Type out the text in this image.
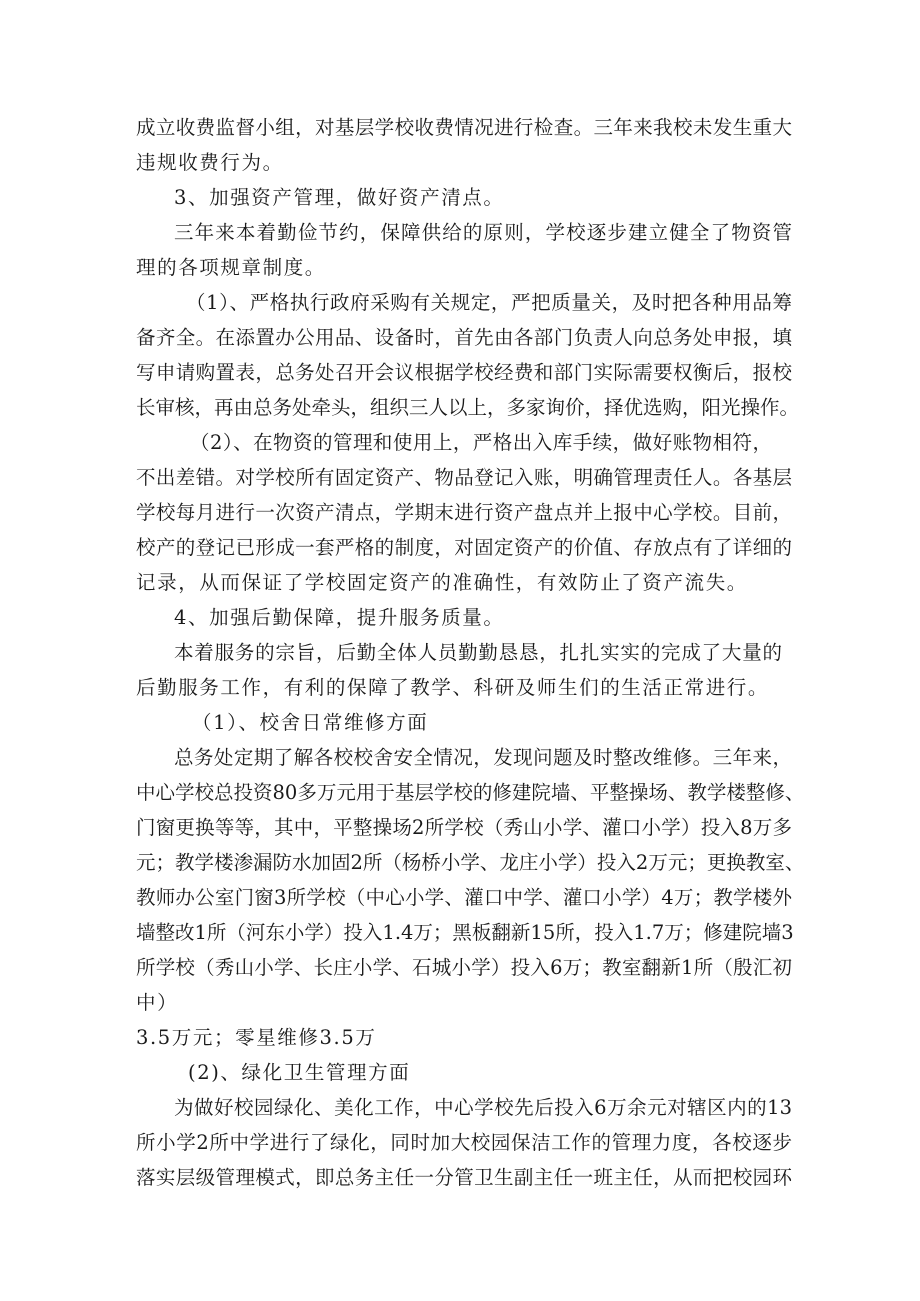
成立收费监督小组，对基层学校收费情况进行检查。三年来我校未发生重大
违规收费行为。
3、加强资产管理，做好资产清点。
三年来本着勤俭节约，保障供给的原则，学校逐步建立健全了物资管
理的各项规章制度。
（1）、严格执行政府采购有关规定，严把质量关，及时把各种用品筹
备齐全。在添置办公用品、设备时，首先由各部门负责人向总务处申报，填
写申请购置表，总务处召开会议根据学校经费和部门实际需要权衡后，报校
长审核，再由总务处牵头，组织三人以上，多家询价，择优选购，阳光操作。
（2）、在物资的管理和使用上，严格出入库手续，做好账物相符，
不出差错。对学校所有固定资产、物品登记入账，明确管理责任人。各基层
学校每月进行一次资产清点，学期末进行资产盘点并上报中心学校。目前，
校产的登记已形成一套严格的制度，对固定资产的价值、存放点有了详细的
记录，从而保证了学校固定资产的准确性，有效防止了资产流失。
4、加强后勤保障，提升服务质量。
本着服务的宗旨，后勤全体人员勤勤恳恳，扎扎实实的完成了大量的
后勤服务工作，有利的保障了教学、科研及师生们的生活正常进行。
（1）、校舍日常维修方面
总务处定期了解各校校舍安全情况，发现问题及时整改维修。三年来，
中心学校总投资80多万元用于基层学校的修建院墙、平整操场、教学楼整修、
门窗更换等等，其中，平整操场2所学校（秀山小学、灌口小学）投入8万多
元；教学楼渗漏防水加固2所（杨桥小学、龙庄小学）投入2万元；更换教室、
教师办公室门窗3所学校（中心小学、灌口中学、灌口小学）4万；教学楼外
墙整改1所（河东小学）投入1.4万；黑板翻新15所，投入1.7万；修建院墙3
所学校（秀山小学、长庄小学、石城小学）投入6万；教室翻新1所（殷汇初
中）
3.5万元；零星维修3.5万
(2)、绿化卫生管理方面
为做好校园绿化、美化工作，中心学校先后投入6万余元对辖区内的13
所小学2所中学进行了绿化，同时加大校园保洁工作的管理力度，各校逐步
落实层级管理模式，即总务主任一分管卫生副主任一班主任，从而把校园环
